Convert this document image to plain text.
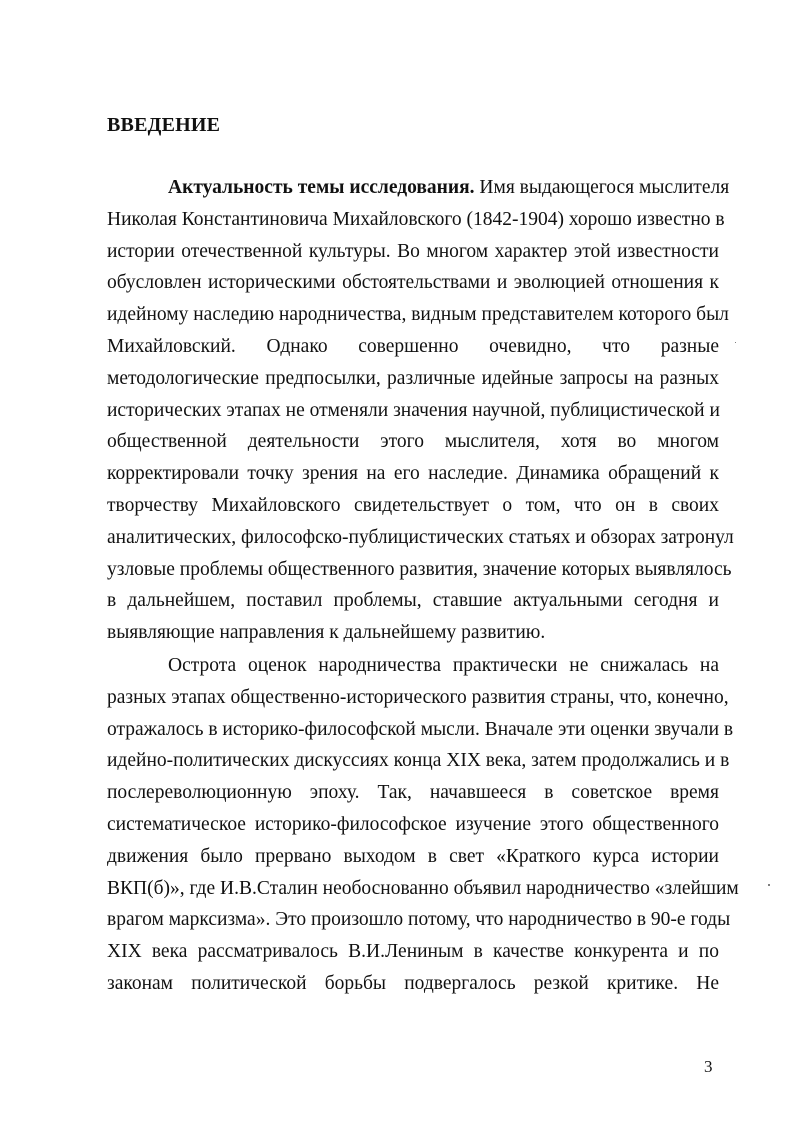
ВВЕДЕНИЕ
Актуальность темы исследования. Имя выдающегося мыслителя
Николая Константиновича Михайловского (1842-1904) хорошо известно в
истории отечественной культуры. Во многом характер этой известности
обусловлен историческими обстоятельствами и эволюцией отношения к
идейному наследию народничества, видным представителем которого был
Михайловский. Однако совершенно очевидно, что разные
методологические предпосылки, различные идейные запросы на разных
исторических этапах не отменяли значения научной, публицистической и
общественной деятельности этого мыслителя, хотя во многом
корректировали точку зрения на его наследие. Динамика обращений к
творчеству Михайловского свидетельствует о том, что он в своих
аналитических, философско-публицистических статьях и обзорах затронул
узловые проблемы общественного развития, значение которых выявлялось
в дальнейшем, поставил проблемы, ставшие актуальными сегодня и
выявляющие направления к дальнейшему развитию.
Острота оценок народничества практически не снижалась на
разных этапах общественно-исторического развития страны, что, конечно,
отражалось в историко-философской мысли. Вначале эти оценки звучали в
идейно-политических дискуссиях конца XIX века, затем продолжались и в
послереволюционную эпоху. Так, начавшееся в советское время
систематическое историко-философское изучение этого общественного
движения было прервано выходом в свет «Краткого курса истории
ВКП(б)», где И.В.Сталин необоснованно объявил народничество «злейшим
врагом марксизма». Это произошло потому, что народничество в 90-е годы
XIX века рассматривалось В.И.Лениным в качестве конкурента и по
законам политической борьбы подвергалось резкой критике. Не
3
